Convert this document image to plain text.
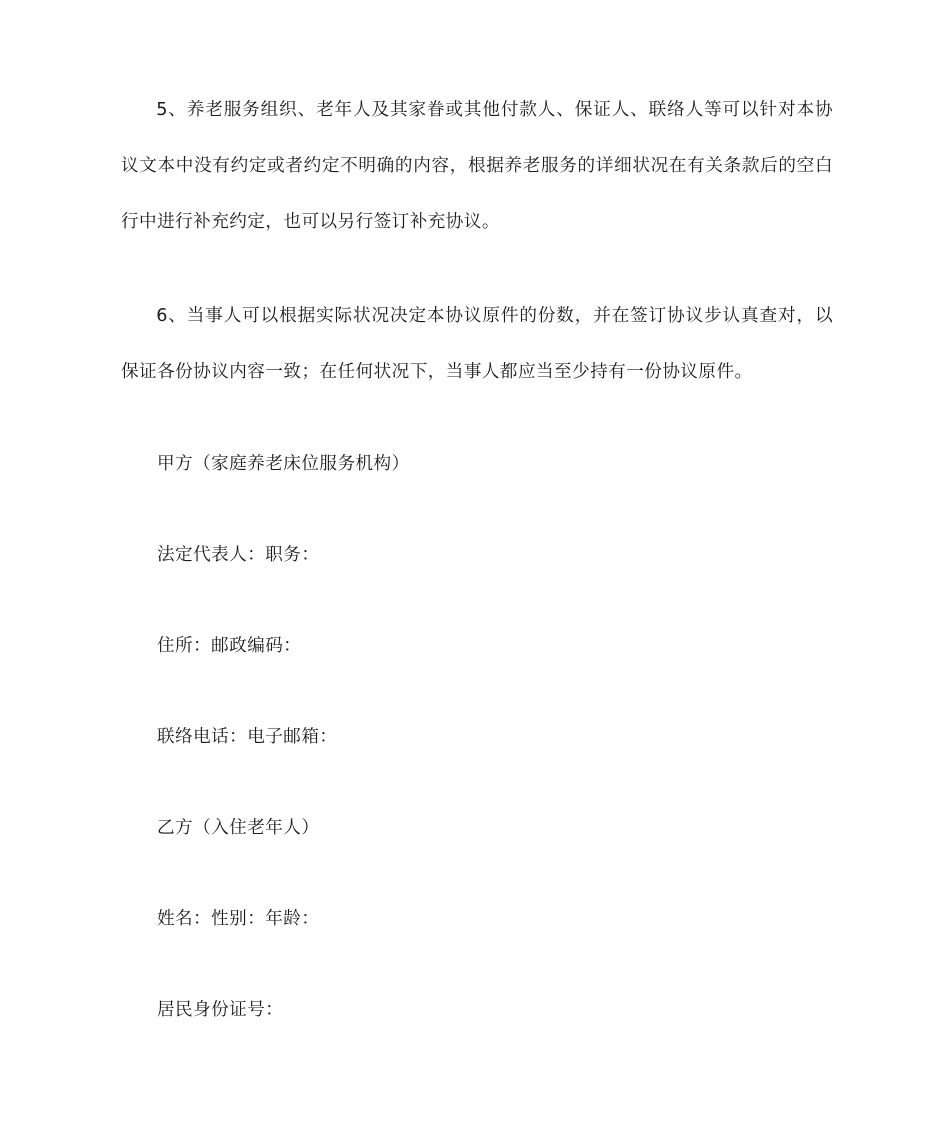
5、养老服务组织、老年人及其家眷或其他付款人、保证人、联络人等可以针对本协议文本中没有约定或者约定不明确的内容，根据养老服务的详细状况在有关条款后的空白行中进行补充约定，也可以另行签订补充协议。

6、当事人可以根据实际状况决定本协议原件的份数，并在签订协议步认真查对，以保证各份协议内容一致；在任何状况下，当事人都应当至少持有一份协议原件。

甲方（家庭养老床位服务机构）

法定代表人：职务：

住所：邮政编码：

联络电话：电子邮箱：

乙方（入住老年人）

姓名：性别：年龄：

居民身份证号：
